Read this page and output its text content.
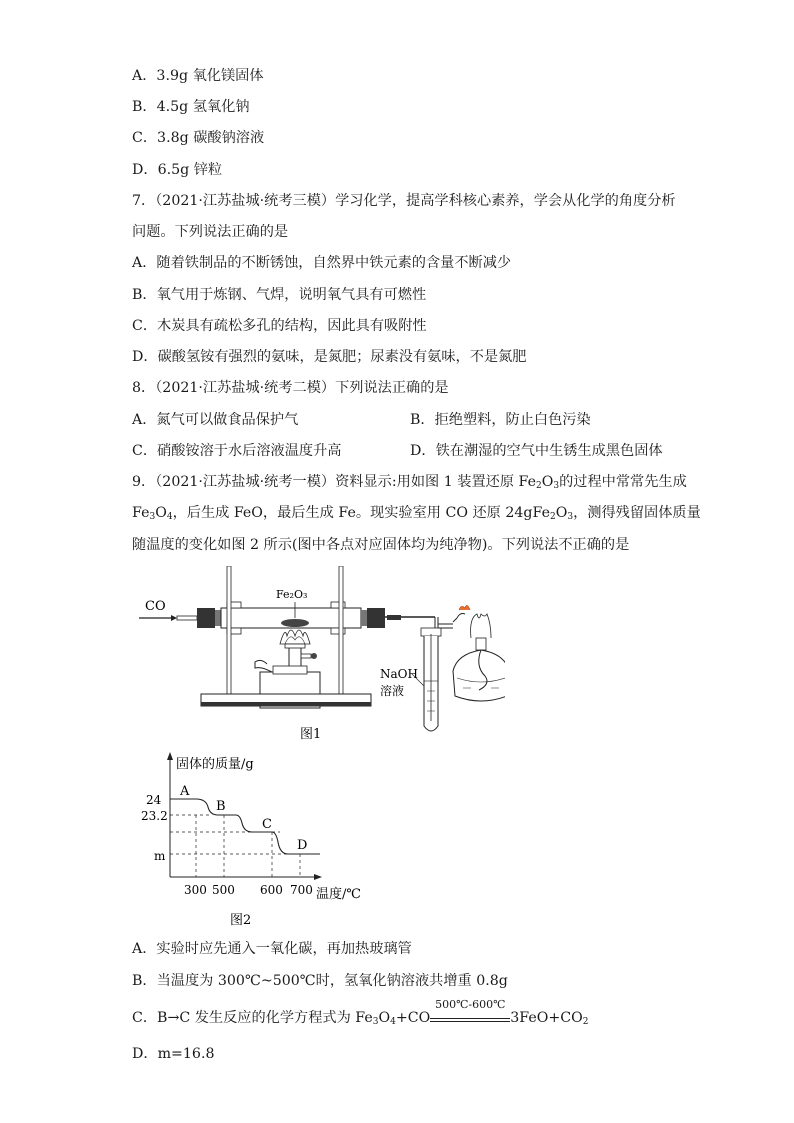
A．3.9g 氧化镁固体
B．4.5g 氢氧化钠
C．3.8g 碳酸钠溶液
D．6.5g 锌粒
7．（2021·江苏盐城·统考三模）学习化学，提高学科核心素养，学会从化学的角度分析
问题。下列说法正确的是
A．随着铁制品的不断锈蚀，自然界中铁元素的含量不断减少
B．氧气用于炼钢、气焊，说明氧气具有可燃性
C．木炭具有疏松多孔的结构，因此具有吸附性
D．碳酸氢铵有强烈的氨味，是氮肥；尿素没有氨味，不是氮肥
8．（2021·江苏盐城·统考二模）下列说法正确的是
A．氮气可以做食品保护气	B．拒绝塑料，防止白色污染
C．硝酸铵溶于水后溶液温度升高	D．铁在潮湿的空气中生锈生成黑色固体
9．（2021·江苏盐城·统考一模）资料显示:用如图 1 装置还原 $Fe_2O_3$的过程中常常先生成
$Fe_3O_4$，后生成 FeO，最后生成 Fe。现实验室用 CO 还原 $24gFe_2O_3$，测得残留固体质量
随温度的变化如图 2 所示(图中各点对应固体均为纯净物)。下列说法不正确的是
CO
Fe₂O₃
NaOH
溶液
图1
固体的质量/g
温度/℃
24
23.2
m
300 500 600 700
A
B
C
D
图2
A．实验时应先通入一氧化碳，再加热玻璃管
B．当温度为 300℃~500℃时，氢氧化钠溶液共增重 0.8g
C．B→C 发生反应的化学方程式为 $Fe_3O_4+CO$
500℃-600℃
$3FeO+CO_2$
D．m=16.8
